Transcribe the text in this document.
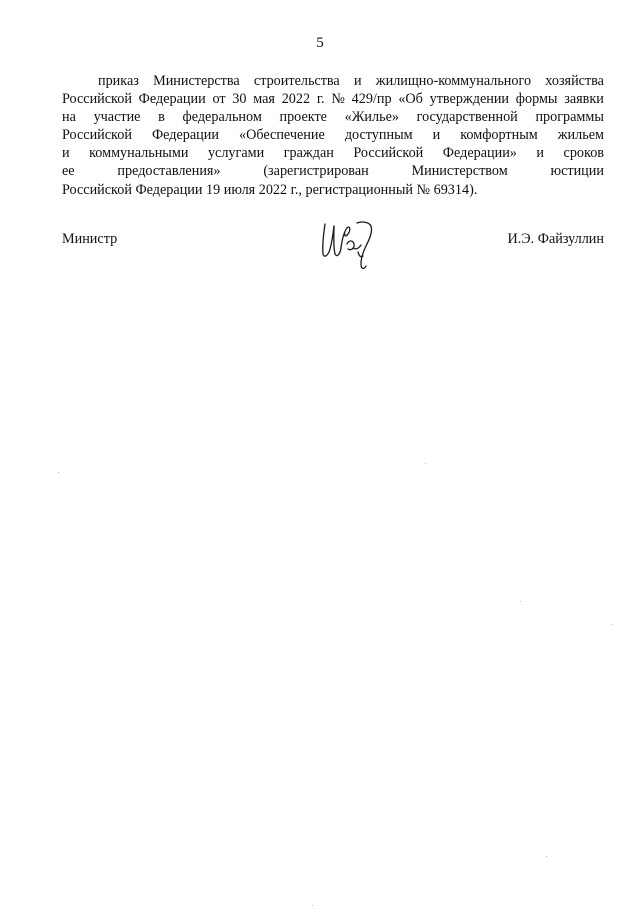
5
приказ Министерства строительства и жилищно-коммунального хозяйства
Российской Федерации от 30 мая 2022 г. № 429/пр «Об утверждении формы заявки
на участие в федеральном проекте «Жилье» государственной программы
Российской Федерации «Обеспечение доступным и комфортным жильем
и коммунальными услугами граждан Российской Федерации» и сроков
ее	предоставления»	(зарегистрирован	Министерством	юстиции
Российской Федерации 19 июля 2022 г., регистрационный № 69314).
Министр	И.Э. Файзуллин
